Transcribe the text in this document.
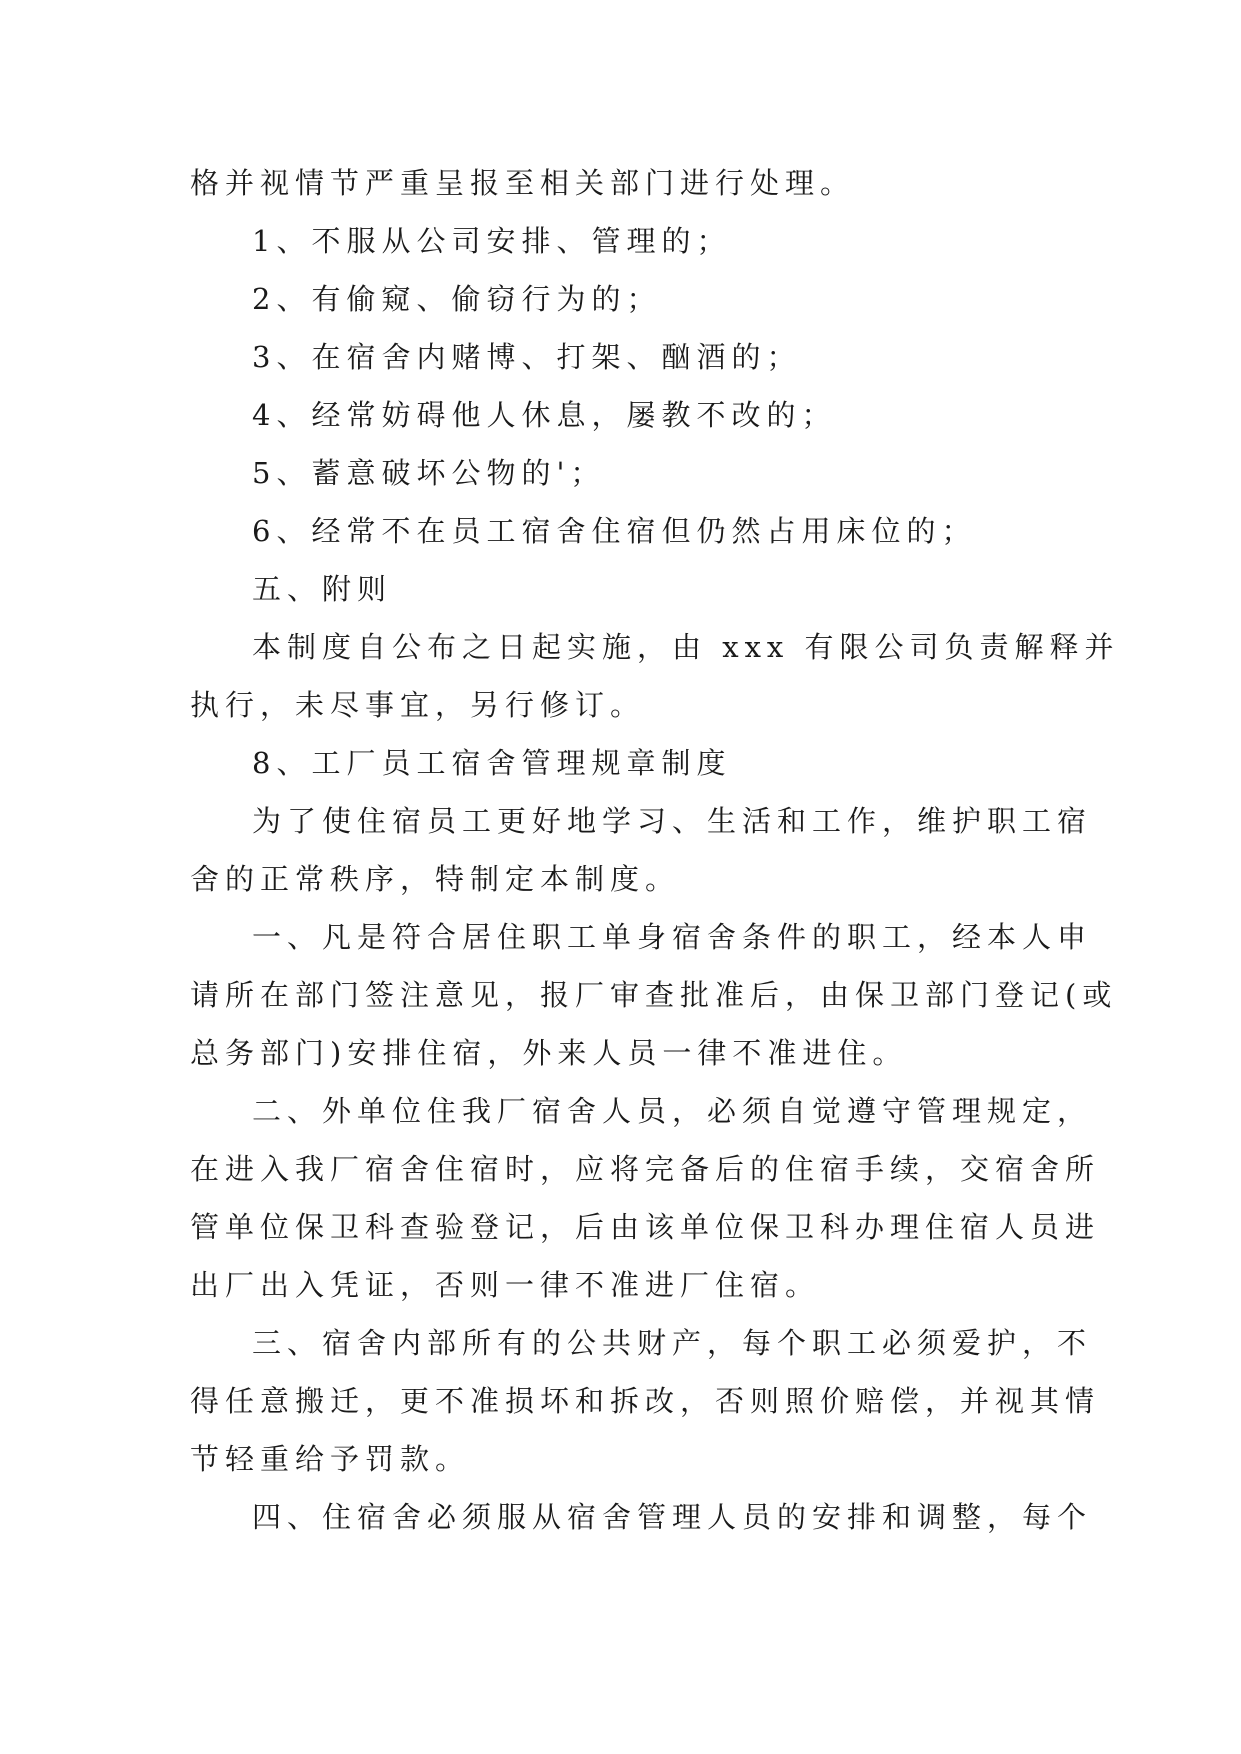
格并视情节严重呈报至相关部门进行处理。
1、不服从公司安排、管理的；
2、有偷窥、偷窃行为的；
3、在宿舍内赌博、打架、酗酒的；
4、经常妨碍他人休息，屡教不改的；
5、蓄意破坏公物的'；
6、经常不在员工宿舍住宿但仍然占用床位的；
五、附则
本制度自公布之日起实施，由 xxx 有限公司负责解释并
执行，未尽事宜，另行修订。
8、工厂员工宿舍管理规章制度
为了使住宿员工更好地学习、生活和工作，维护职工宿
舍的正常秩序，特制定本制度。
一、凡是符合居住职工单身宿舍条件的职工，经本人申
请所在部门签注意见，报厂审查批准后，由保卫部门登记(或
总务部门)安排住宿，外来人员一律不准进住。
二、外单位住我厂宿舍人员，必须自觉遵守管理规定，
在进入我厂宿舍住宿时，应将完备后的住宿手续，交宿舍所
管单位保卫科查验登记，后由该单位保卫科办理住宿人员进
出厂出入凭证，否则一律不准进厂住宿。
三、宿舍内部所有的公共财产，每个职工必须爱护，不
得任意搬迁，更不准损坏和拆改，否则照价赔偿，并视其情
节轻重给予罚款。
四、住宿舍必须服从宿舍管理人员的安排和调整，每个
